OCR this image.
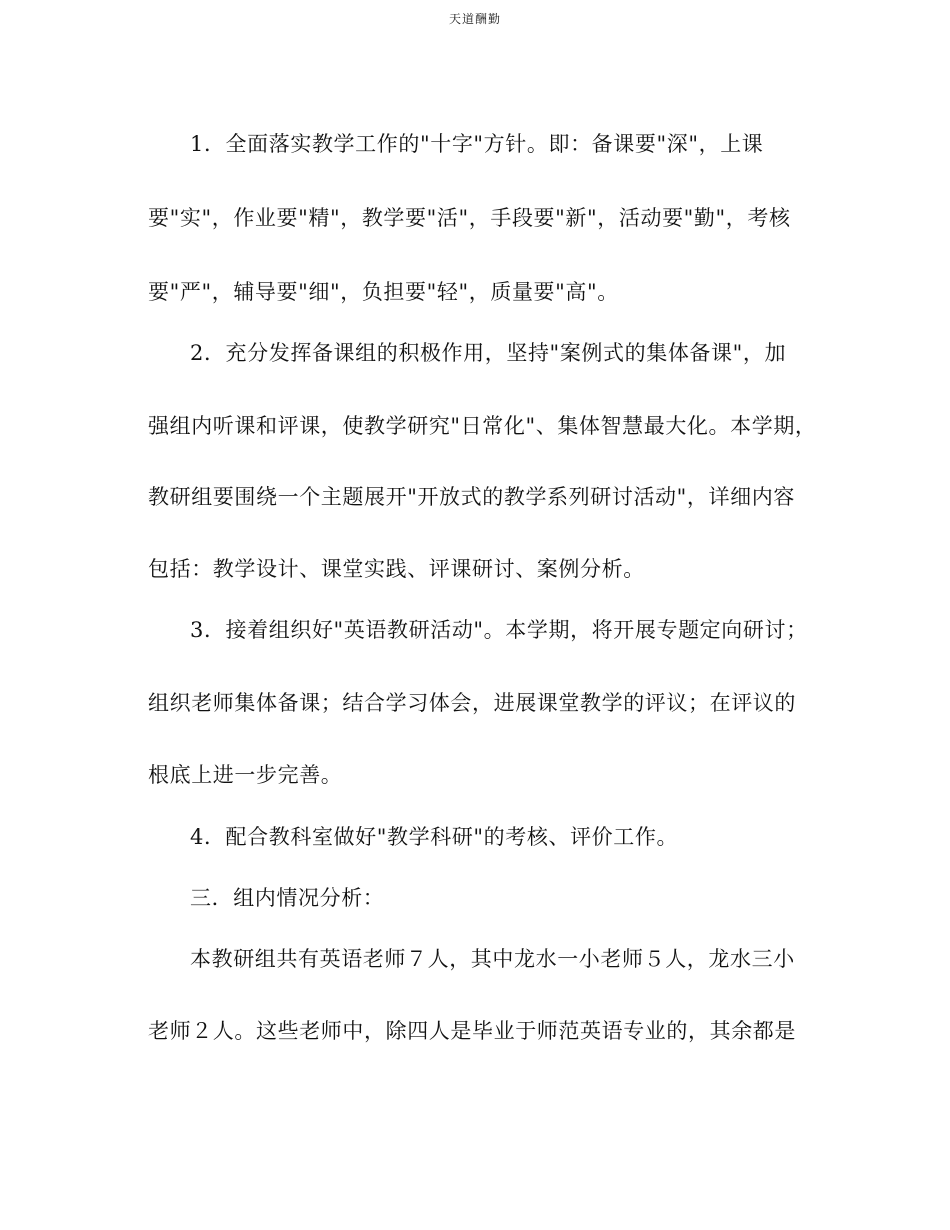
天道酬勤
1．全面落实教学工作的"十字"方针。即：备课要"深"，上课
要"实"，作业要"精"，教学要"活"，手段要"新"，活动要"勤"，考核
要"严"，辅导要"细"，负担要"轻"，质量要"高"。
2．充分发挥备课组的积极作用，坚持"案例式的集体备课"，加
强组内听课和评课，使教学研究"日常化"、集体智慧最大化。本学期，
教研组要围绕一个主题展开"开放式的教学系列研讨活动"，详细内容
包括：教学设计、课堂实践、评课研讨、案例分析。
3．接着组织好"英语教研活动"。本学期，将开展专题定向研讨；
组织老师集体备课；结合学习体会，进展课堂教学的评议；在评议的
根底上进一步完善。
4．配合教科室做好"教学科研"的考核、评价工作。
三．组内情况分析：
本教研组共有英语老师７人，其中龙水一小老师５人，龙水三小
老师２人。这些老师中，除四人是毕业于师范英语专业的，其余都是
